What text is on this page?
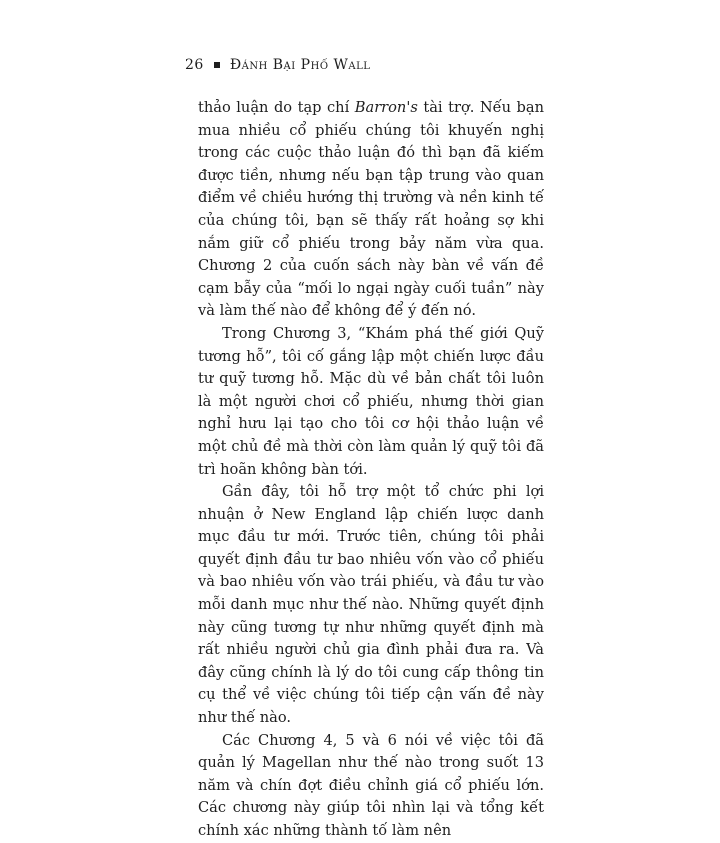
26 Đánh Bại Phố Wall

thảo luận do tạp chí Barron's tài trợ. Nếu bạn mua nhiều cổ phiếu chúng tôi khuyến nghị trong các cuộc thảo luận đó thì bạn đã kiếm được tiền, nhưng nếu bạn tập trung vào quan điểm về chiều hướng thị trường và nền kinh tế của chúng tôi, bạn sẽ thấy rất hoảng sợ khi nắm giữ cổ phiếu trong bảy năm vừa qua. Chương 2 của cuốn sách này bàn về vấn đề cạm bẫy của “mối lo ngại ngày cuối tuần” này và làm thế nào để không để ý đến nó.

Trong Chương 3, “Khám phá thế giới Quỹ tương hỗ”, tôi cố gắng lập một chiến lược đầu tư quỹ tương hỗ. Mặc dù về bản chất tôi luôn là một người chơi cổ phiếu, nhưng thời gian nghỉ hưu lại tạo cho tôi cơ hội thảo luận về một chủ đề mà thời còn làm quản lý quỹ tôi đã trì hoãn không bàn tới.

Gần đây, tôi hỗ trợ một tổ chức phi lợi nhuận ở New England lập chiến lược danh mục đầu tư mới. Trước tiên, chúng tôi phải quyết định đầu tư bao nhiêu vốn vào cổ phiếu và bao nhiêu vốn vào trái phiếu, và đầu tư vào mỗi danh mục như thế nào. Những quyết định này cũng tương tự như những quyết định mà rất nhiều người chủ gia đình phải đưa ra. Và đây cũng chính là lý do tôi cung cấp thông tin cụ thể về việc chúng tôi tiếp cận vấn đề này như thế nào.

Các Chương 4, 5 và 6 nói về việc tôi đã quản lý Magellan như thế nào trong suốt 13 năm và chín đợt điều chỉnh giá cổ phiếu lớn. Các chương này giúp tôi nhìn lại và tổng kết chính xác những thành tố làm nên
